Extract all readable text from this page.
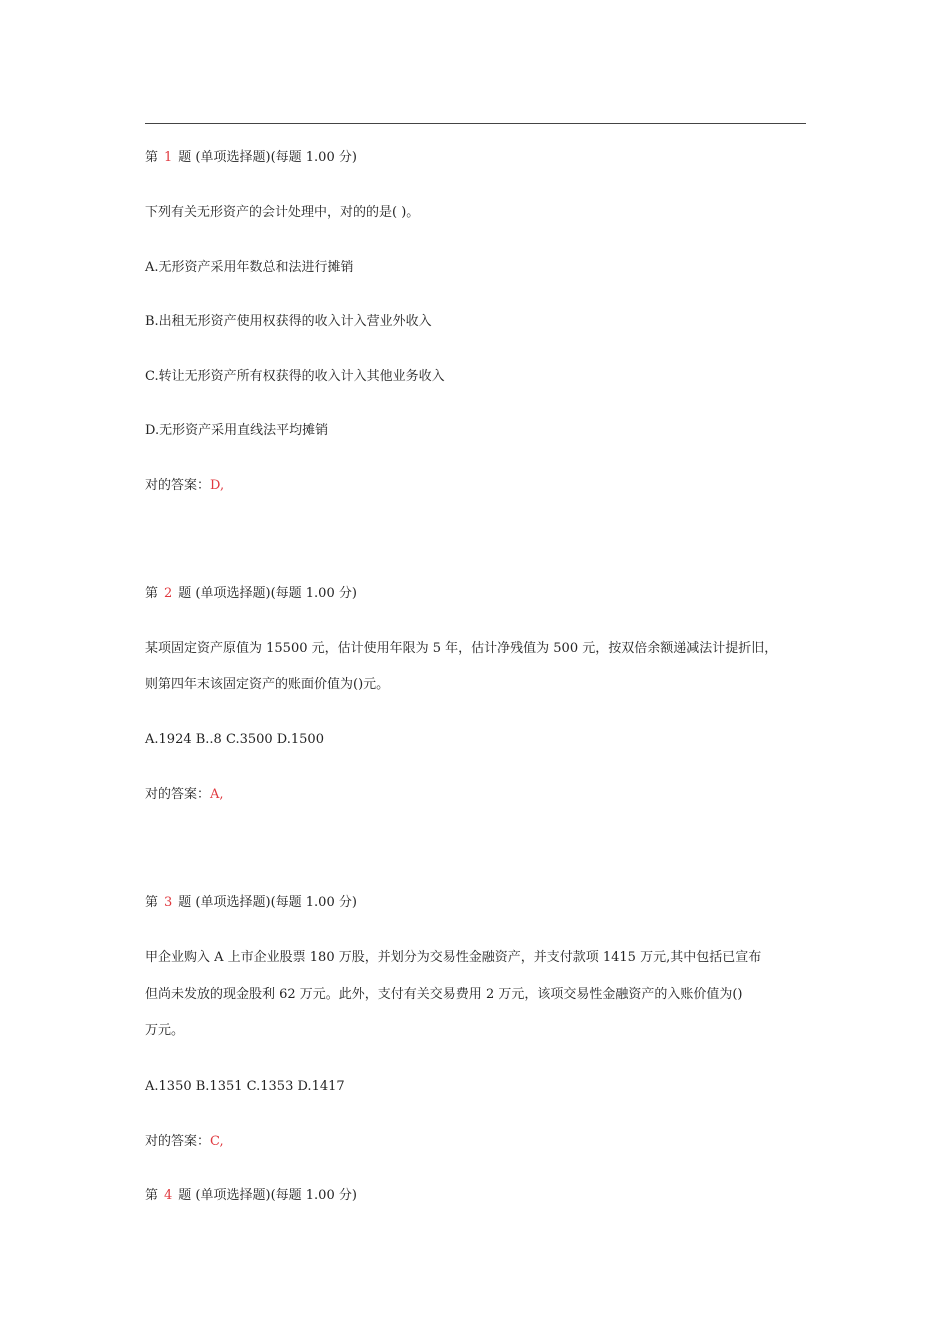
第 1 题 (单项选择题)(每题 1.00 分)
下列有关无形资产的会计处理中，对的的是( )。
A.无形资产采用年数总和法进行摊销
B.出租无形资产使用权获得的收入计入营业外收入
C.转让无形资产所有权获得的收入计入其他业务收入
D.无形资产采用直线法平均摊销
对的答案：D,
第 2 题 (单项选择题)(每题 1.00 分)
某项固定资产原值为 15500 元，估计使用年限为 5 年，估计净残值为 500 元，按双倍余额递减法计提折旧，
则第四年末该固定资产的账面价值为()元。
A.1924 B..8 C.3500 D.1500
对的答案：A,
第 3 题 (单项选择题)(每题 1.00 分)
甲企业购入 A 上市企业股票 180 万股，并划分为交易性金融资产，并支付款项 1415 万元,其中包括已宣布
但尚未发放的现金股利 62 万元。此外，支付有关交易费用 2 万元，该项交易性金融资产的入账价值为()
万元。
A.1350 B.1351 C.1353 D.1417
对的答案：C,
第 4 题 (单项选择题)(每题 1.00 分)
